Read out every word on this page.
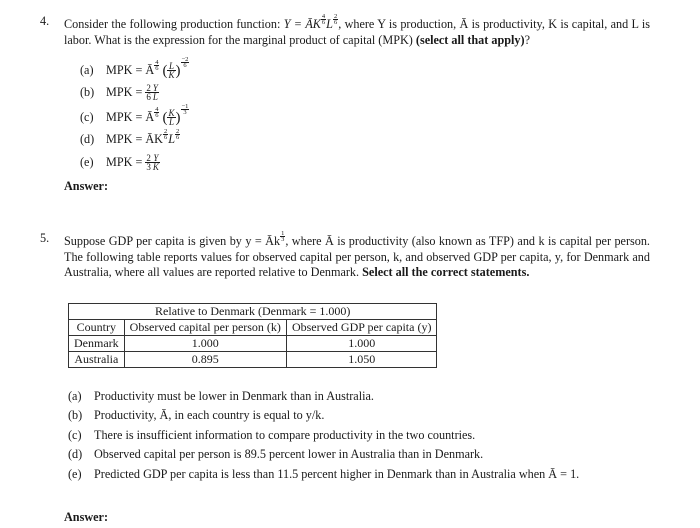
4.	Consider the following production function: Y = ĀK $^{\frac{4}{6}}$ L $^{\frac{2}{6}}$ , where Y is production, Ā is productivity, K is capital, and L is labor. What is the expression for the marginal product of capital (MPK) (select all that apply)?
(a) MPK = Ā $^{\frac{4}{6}}$ ( $\frac{L}{K}$ )
$^{\frac{-2}{6}}$
(b) MPK = $\frac{2}{6} \frac{Y}{L}$
(c) MPK = Ā $^{\frac{4}{6}}$ ( $\frac{K}{L}$ )
$^{\frac{-1}{3}}$
(d) MPK = ĀK $^{\frac{2}{6}}$ L $^{\frac{2}{6}}$
(e) MPK = $\frac{2}{3} \frac{Y}{K}$
Answer:
5.	Suppose GDP per capita is given by y = Āk $^{\frac{1}{3}}$ , where Ā is productivity (also known as TFP) and k is capital per person. The following table reports values for observed capital per person, k, and observed GDP per capita, y, for Denmark and Australia, where all values are reported relative to Denmark. Select all the correct statements.
Relative to Denmark (Denmark = 1.000)		
Country	Observed capital per person (k)	Observed GDP per capita (y)
Denmark	1.000	1.000
Australia	0.895	1.050
(a)	Productivity must be lower in Denmark than in Australia.
(b) Productivity, Ā, in each country is equal to y/k.
(c)	There is insufficient information to compare productivity in the two countries.
(d) Observed capital per person is 89.5 percent lower in Australia than in Denmark.
(e)	Predicted GDP per capita is less than 11.5 percent higher in Denmark than in Australia when Ā = 1.
Answer:
